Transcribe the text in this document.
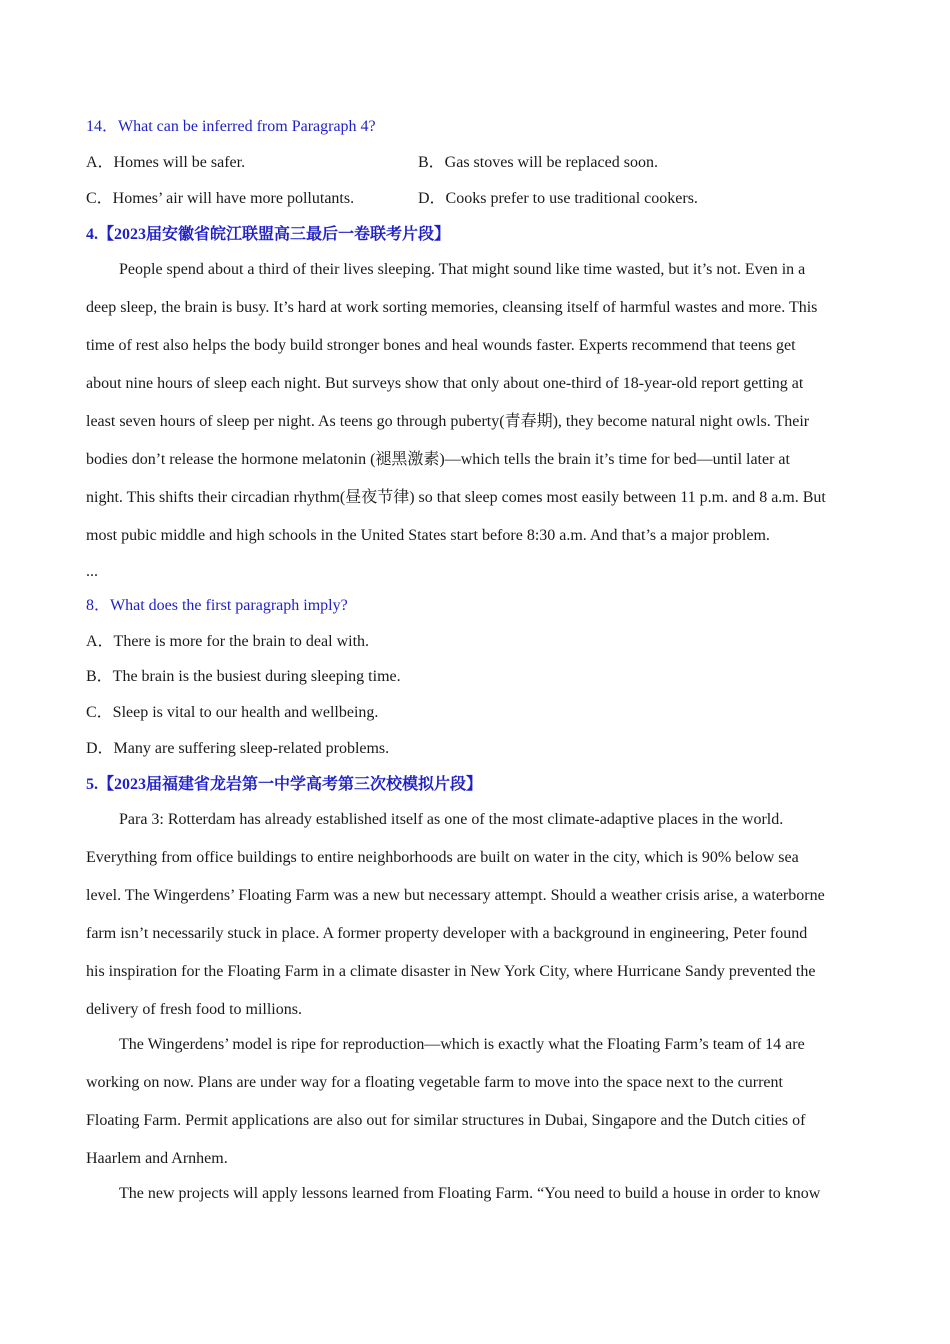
14．What can be inferred from Paragraph 4?
A．Homes will be safer.	B．Gas stoves will be replaced soon.
C．Homes’ air will have more pollutants.	D．Cooks prefer to use traditional cookers.
4.【2023届安徽省皖江联盟高三最后一卷联考片段】
People spend about a third of their lives sleeping. That might sound like time wasted, but it’s not. Even in a
deep sleep, the brain is busy. It’s hard at work sorting memories, cleansing itself of harmful wastes and more. This
time of rest also helps the body build stronger bones and heal wounds faster. Experts recommend that teens get
about nine hours of sleep each night. But surveys show that only about one-third of 18-year-old report getting at
least seven hours of sleep per night. As teens go through puberty(青春期), they become natural night owls. Their
bodies don’t release the hormone melatonin (褪黑激素)—which tells the brain it’s time for bed—until later at
night. This shifts their circadian rhythm(昼夜节律) so that sleep comes most easily between 11 p.m. and 8 a.m. But
most pubic middle and high schools in the United States start before 8:30 a.m. And that’s a major problem.
...
8．What does the first paragraph imply?
A．There is more for the brain to deal with.
B．The brain is the busiest during sleeping time.
C．Sleep is vital to our health and wellbeing.
D．Many are suffering sleep-related problems.
5.【2023届福建省龙岩第一中学高考第三次校模拟片段】
Para 3: Rotterdam has already established itself as one of the most climate-adaptive places in the world.
Everything from office buildings to entire neighborhoods are built on water in the city, which is 90% below sea
level. The Wingerdens’ Floating Farm was a new but necessary attempt. Should a weather crisis arise, a waterborne
farm isn’t necessarily stuck in place. A former property developer with a background in engineering, Peter found
his inspiration for the Floating Farm in a climate disaster in New York City, where Hurricane Sandy prevented the
delivery of fresh food to millions.
The Wingerdens’ model is ripe for reproduction—which is exactly what the Floating Farm’s team of 14 are
working on now. Plans are under way for a floating vegetable farm to move into the space next to the current
Floating Farm. Permit applications are also out for similar structures in Dubai, Singapore and the Dutch cities of
Haarlem and Arnhem.
The new projects will apply lessons learned from Floating Farm. “You need to build a house in order to know
